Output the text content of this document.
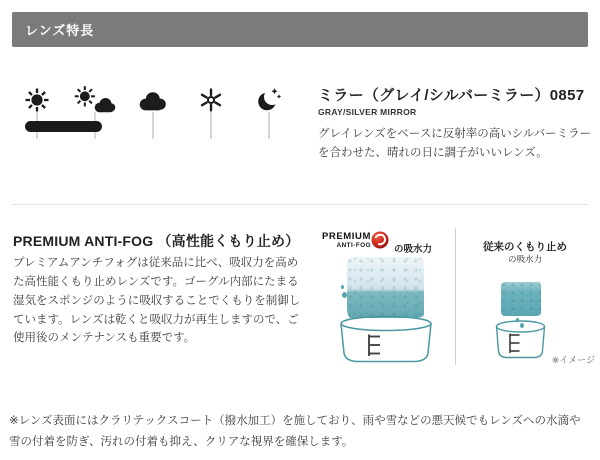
レンズ特長
ミラー（グレイ/シルバーミラー）0857
GRAY/SILVER MIRROR
グレイレンズをベースに反射率の高いシルバーミラーを合わせた、晴れの日に調子がいいレンズ。
PREMIUM ANTI-FOG （高性能くもり止め）
プレミアムアンチフォグは従来品に比べ、吸収力を高めた高性能くもり止めレンズです。ゴーグル内部にたまる湿気をスポンジのように吸収することでくもりを制御しています。レンズは乾くと吸収力が再生しますので、ご使用後のメンテナンスも重要です。
PREMIUM
ANTI-FOG の吸水力	従来のくもり止め
の吸水力
※イメージ
※レンズ表面にはクラリテックスコート（撥水加工）を施しており、雨や雪などの悪天候でもレンズへの水滴や雪の付着を防ぎ、汚れの付着も抑え、クリアな視界を確保します。
